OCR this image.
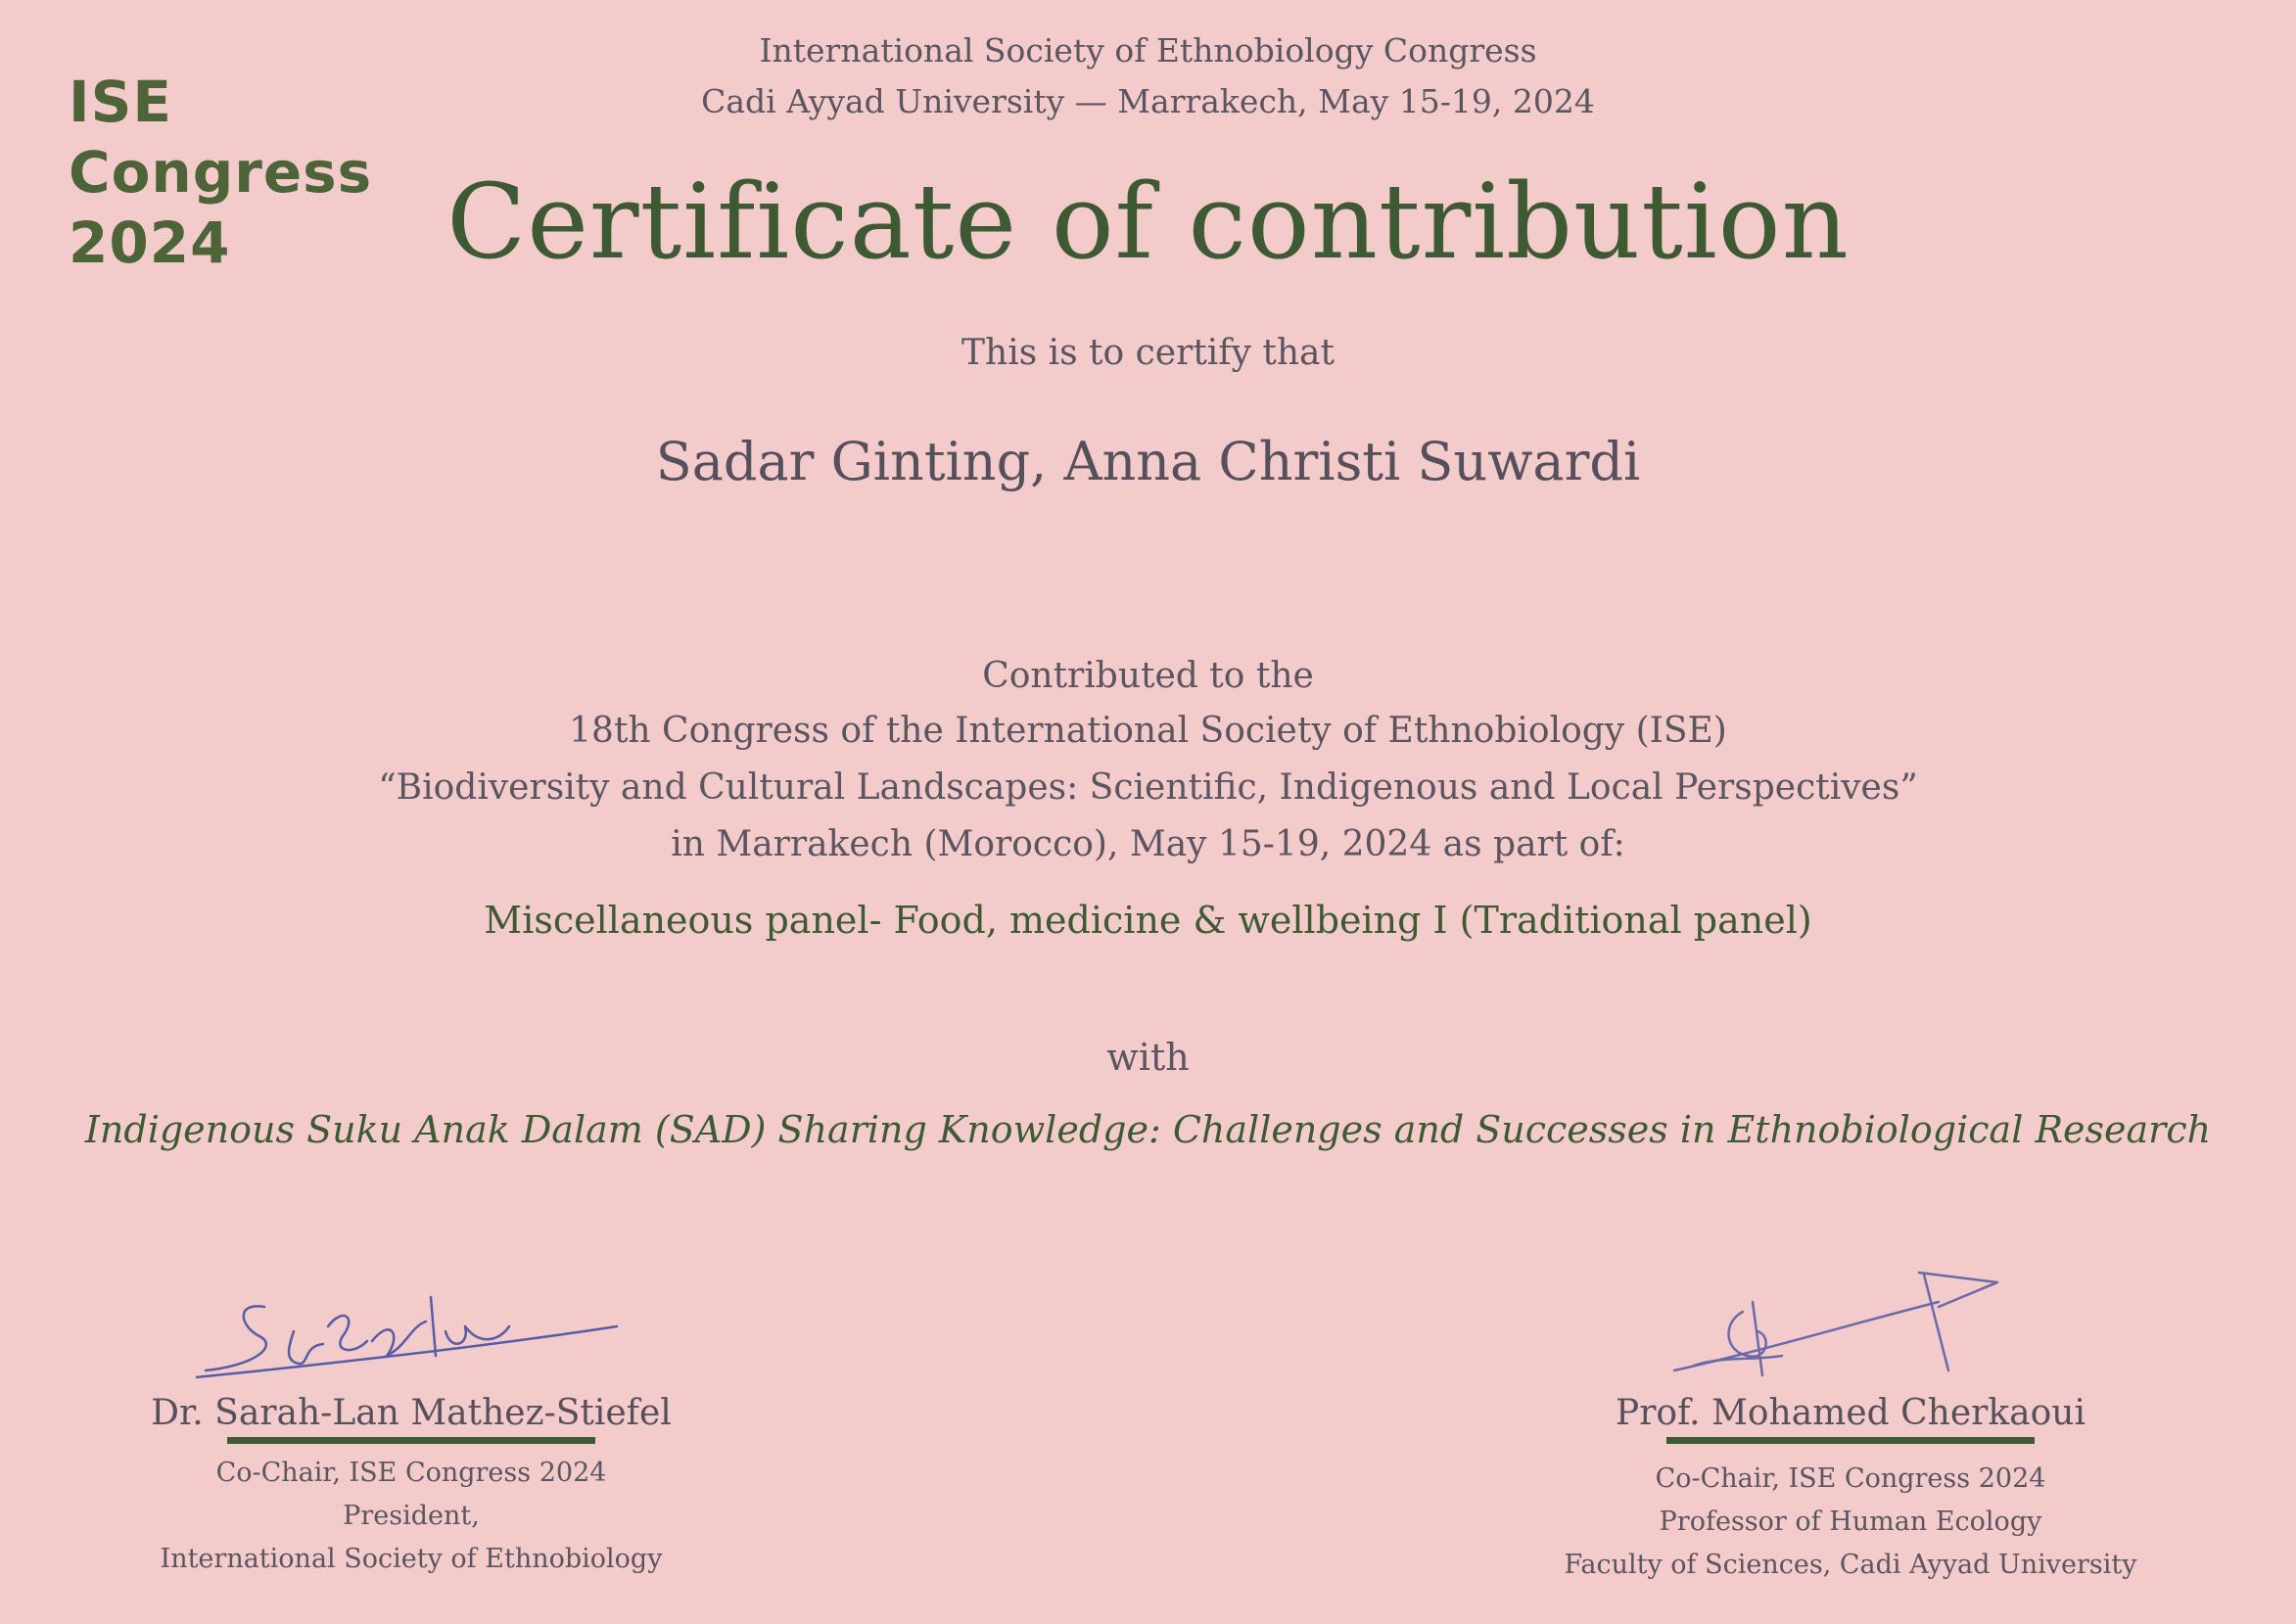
ISE
Congress
2024
International Society of Ethnobiology Congress
Cadi Ayyad University — Marrakech, May 15-19, 2024
Certificate of contribution
This is to certify that
Sadar Ginting, Anna Christi Suwardi
Contributed to the
18th Congress of the International Society of Ethnobiology (ISE)
“Biodiversity and Cultural Landscapes: Scientific, Indigenous and Local Perspectives”
in Marrakech (Morocco), May 15-19, 2024 as part of:
Miscellaneous panel- Food, medicine & wellbeing I (Traditional panel)
with
Indigenous Suku Anak Dalam (SAD) Sharing Knowledge: Challenges and Successes in Ethnobiological Research
Dr. Sarah-Lan Mathez-Stiefel
Co-Chair, ISE Congress 2024
President,
International Society of Ethnobiology
Prof. Mohamed Cherkaoui
Co-Chair, ISE Congress 2024
Professor of Human Ecology
Faculty of Sciences, Cadi Ayyad University
